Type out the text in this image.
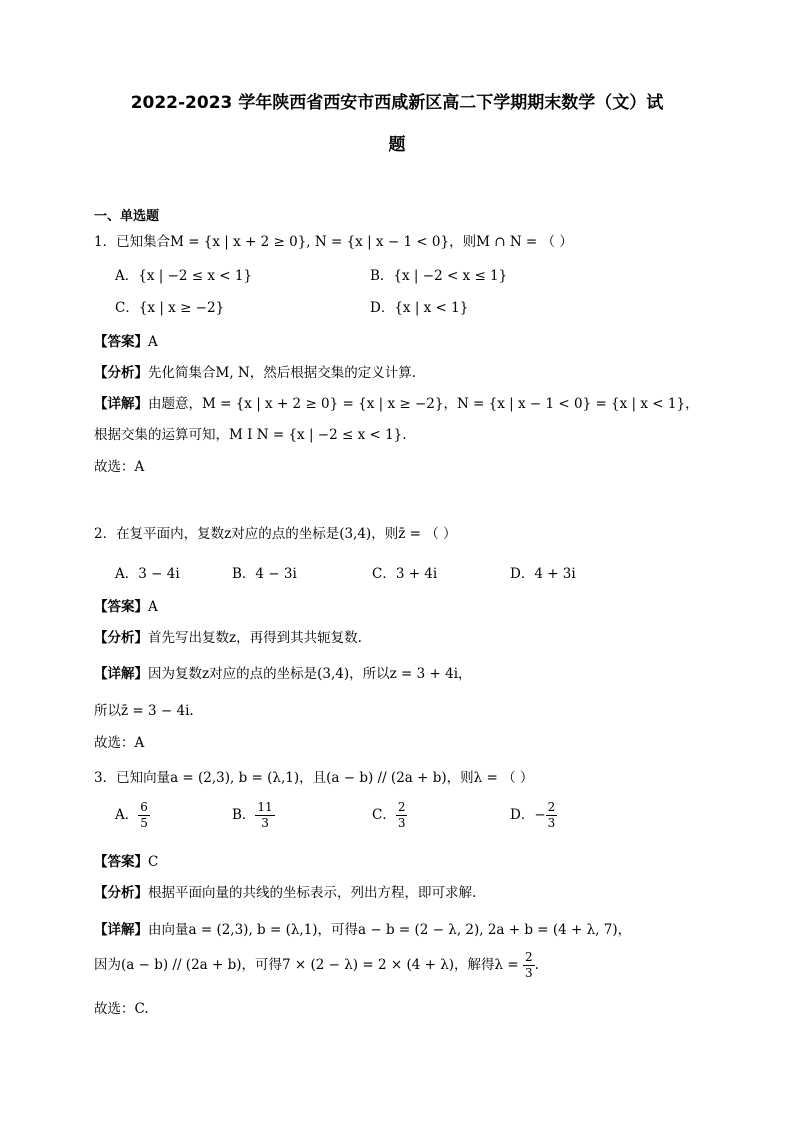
2022-2023 学年陕西省西安市西咸新区高二下学期期末数学（文）试
题
一、单选题
1．已知集合M = {x | x + 2 ≥ 0}, N = {x | x − 1 < 0}，则M ∩ N = （ ）
A．{x | −2 ≤ x < 1}	B．{x | −2 < x ≤ 1}
C．{x | x ≥ −2}	D．{x | x < 1}
【答案】A
【分析】先化简集合M, N，然后根据交集的定义计算.
【详解】由题意，M = {x | x + 2 ≥ 0} = {x | x ≥ −2}，N = {x | x − 1 < 0} = {x | x < 1}，
根据交集的运算可知，M I N = {x | −2 ≤ x < 1}.
故选：A
2．在复平面内，复数z对应的点的坐标是(3,4)，则z̄ = （ ）
A．3 − 4i	B．4 − 3i	C．3 + 4i	D．4 + 3i
【答案】A
【分析】首先写出复数z，再得到其共轭复数.
【详解】因为复数z对应的点的坐标是(3,4)，所以z = 3 + 4i，
所以z̄ = 3 − 4i.
故选：A
3．已知向量a = (2,3), b = (λ,1)，且(a − b) // (2a + b)，则λ = （ ）
A． $\frac{6}{5}$	B． $\frac{11}{3}$	C． $\frac{2}{3}$	D．− $\frac{2}{3}$
【答案】C
【分析】根据平面向量的共线的坐标表示，列出方程，即可求解.
【详解】由向量a = (2,3), b = (λ,1)，可得a − b = (2 − λ, 2), 2a + b = (4 + λ, 7)，
因为(a − b) // (2a + b)，可得7 × (2 − λ) = 2 × (4 + λ)，解得$\lambda = \frac{2}{3}$ .
故选：C.
